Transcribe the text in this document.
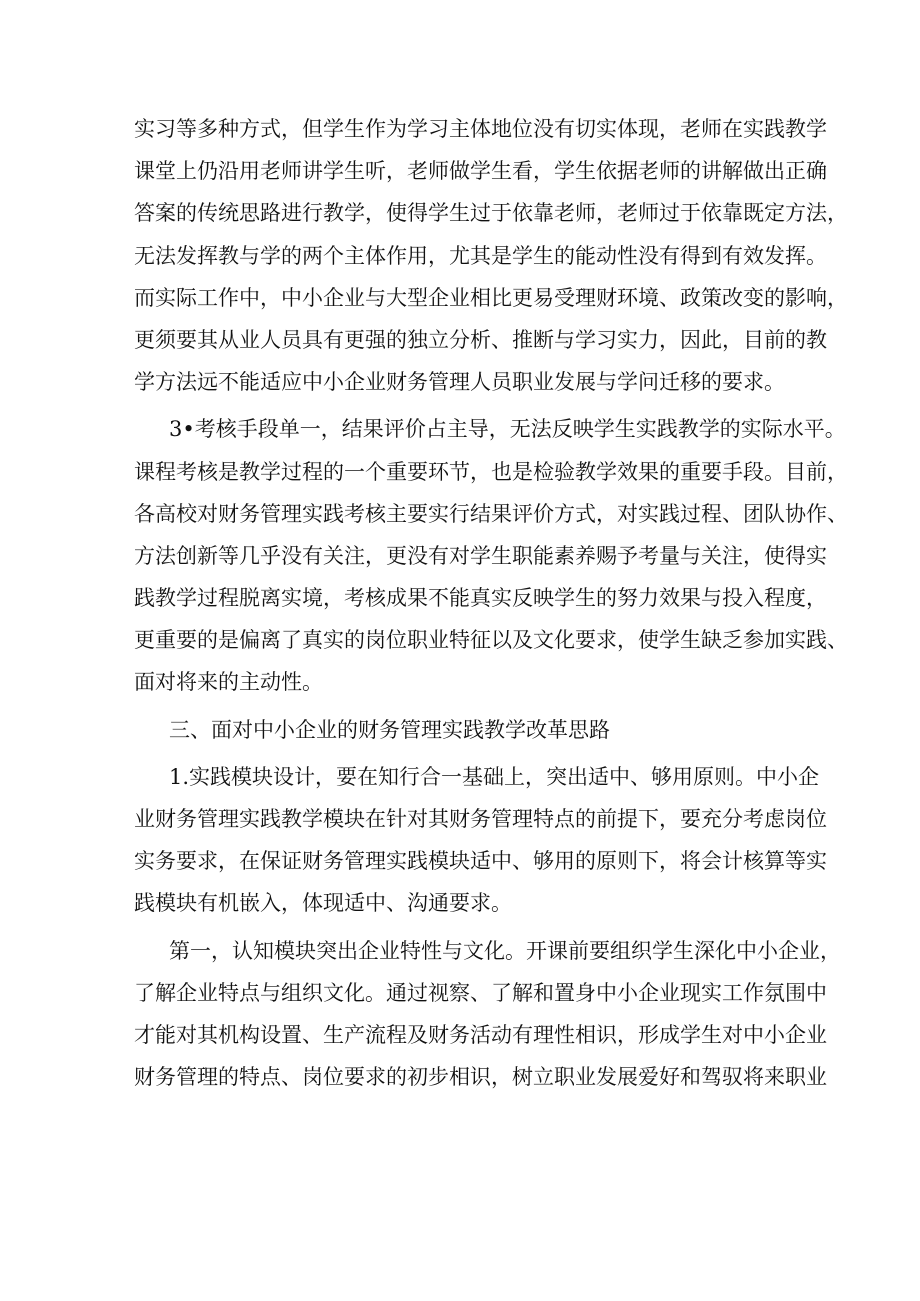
实习等多种方式，但学生作为学习主体地位没有切实体现，老师在实践教学
课堂上仍沿用老师讲学生听，老师做学生看，学生依据老师的讲解做出正确
答案的传统思路进行教学，使得学生过于依靠老师，老师过于依靠既定方法，
无法发挥教与学的两个主体作用，尤其是学生的能动性没有得到有效发挥。
而实际工作中，中小企业与大型企业相比更易受理财环境、政策改变的影响，
更须要其从业人员具有更强的独立分析、推断与学习实力，因此，目前的教
学方法远不能适应中小企业财务管理人员职业发展与学问迁移的要求。
3•考核手段单一，结果评价占主导，无法反映学生实践教学的实际水平。
课程考核是教学过程的一个重要环节，也是检验教学效果的重要手段。目前，
各高校对财务管理实践考核主要实行结果评价方式，对实践过程、团队协作、
方法创新等几乎没有关注，更没有对学生职能素养赐予考量与关注，使得实
践教学过程脱离实境，考核成果不能真实反映学生的努力效果与投入程度，
更重要的是偏离了真实的岗位职业特征以及文化要求，使学生缺乏参加实践、
面对将来的主动性。
三、面对中小企业的财务管理实践教学改革思路
1.实践模块设计，要在知行合一基础上，突出适中、够用原则。中小企
业财务管理实践教学模块在针对其财务管理特点的前提下，要充分考虑岗位
实务要求，在保证财务管理实践模块适中、够用的原则下，将会计核算等实
践模块有机嵌入，体现适中、沟通要求。
第一，认知模块突出企业特性与文化。开课前要组织学生深化中小企业，
了解企业特点与组织文化。通过视察、了解和置身中小企业现实工作氛围中
才能对其机构设置、生产流程及财务活动有理性相识，形成学生对中小企业
财务管理的特点、岗位要求的初步相识，树立职业发展爱好和驾驭将来职业
